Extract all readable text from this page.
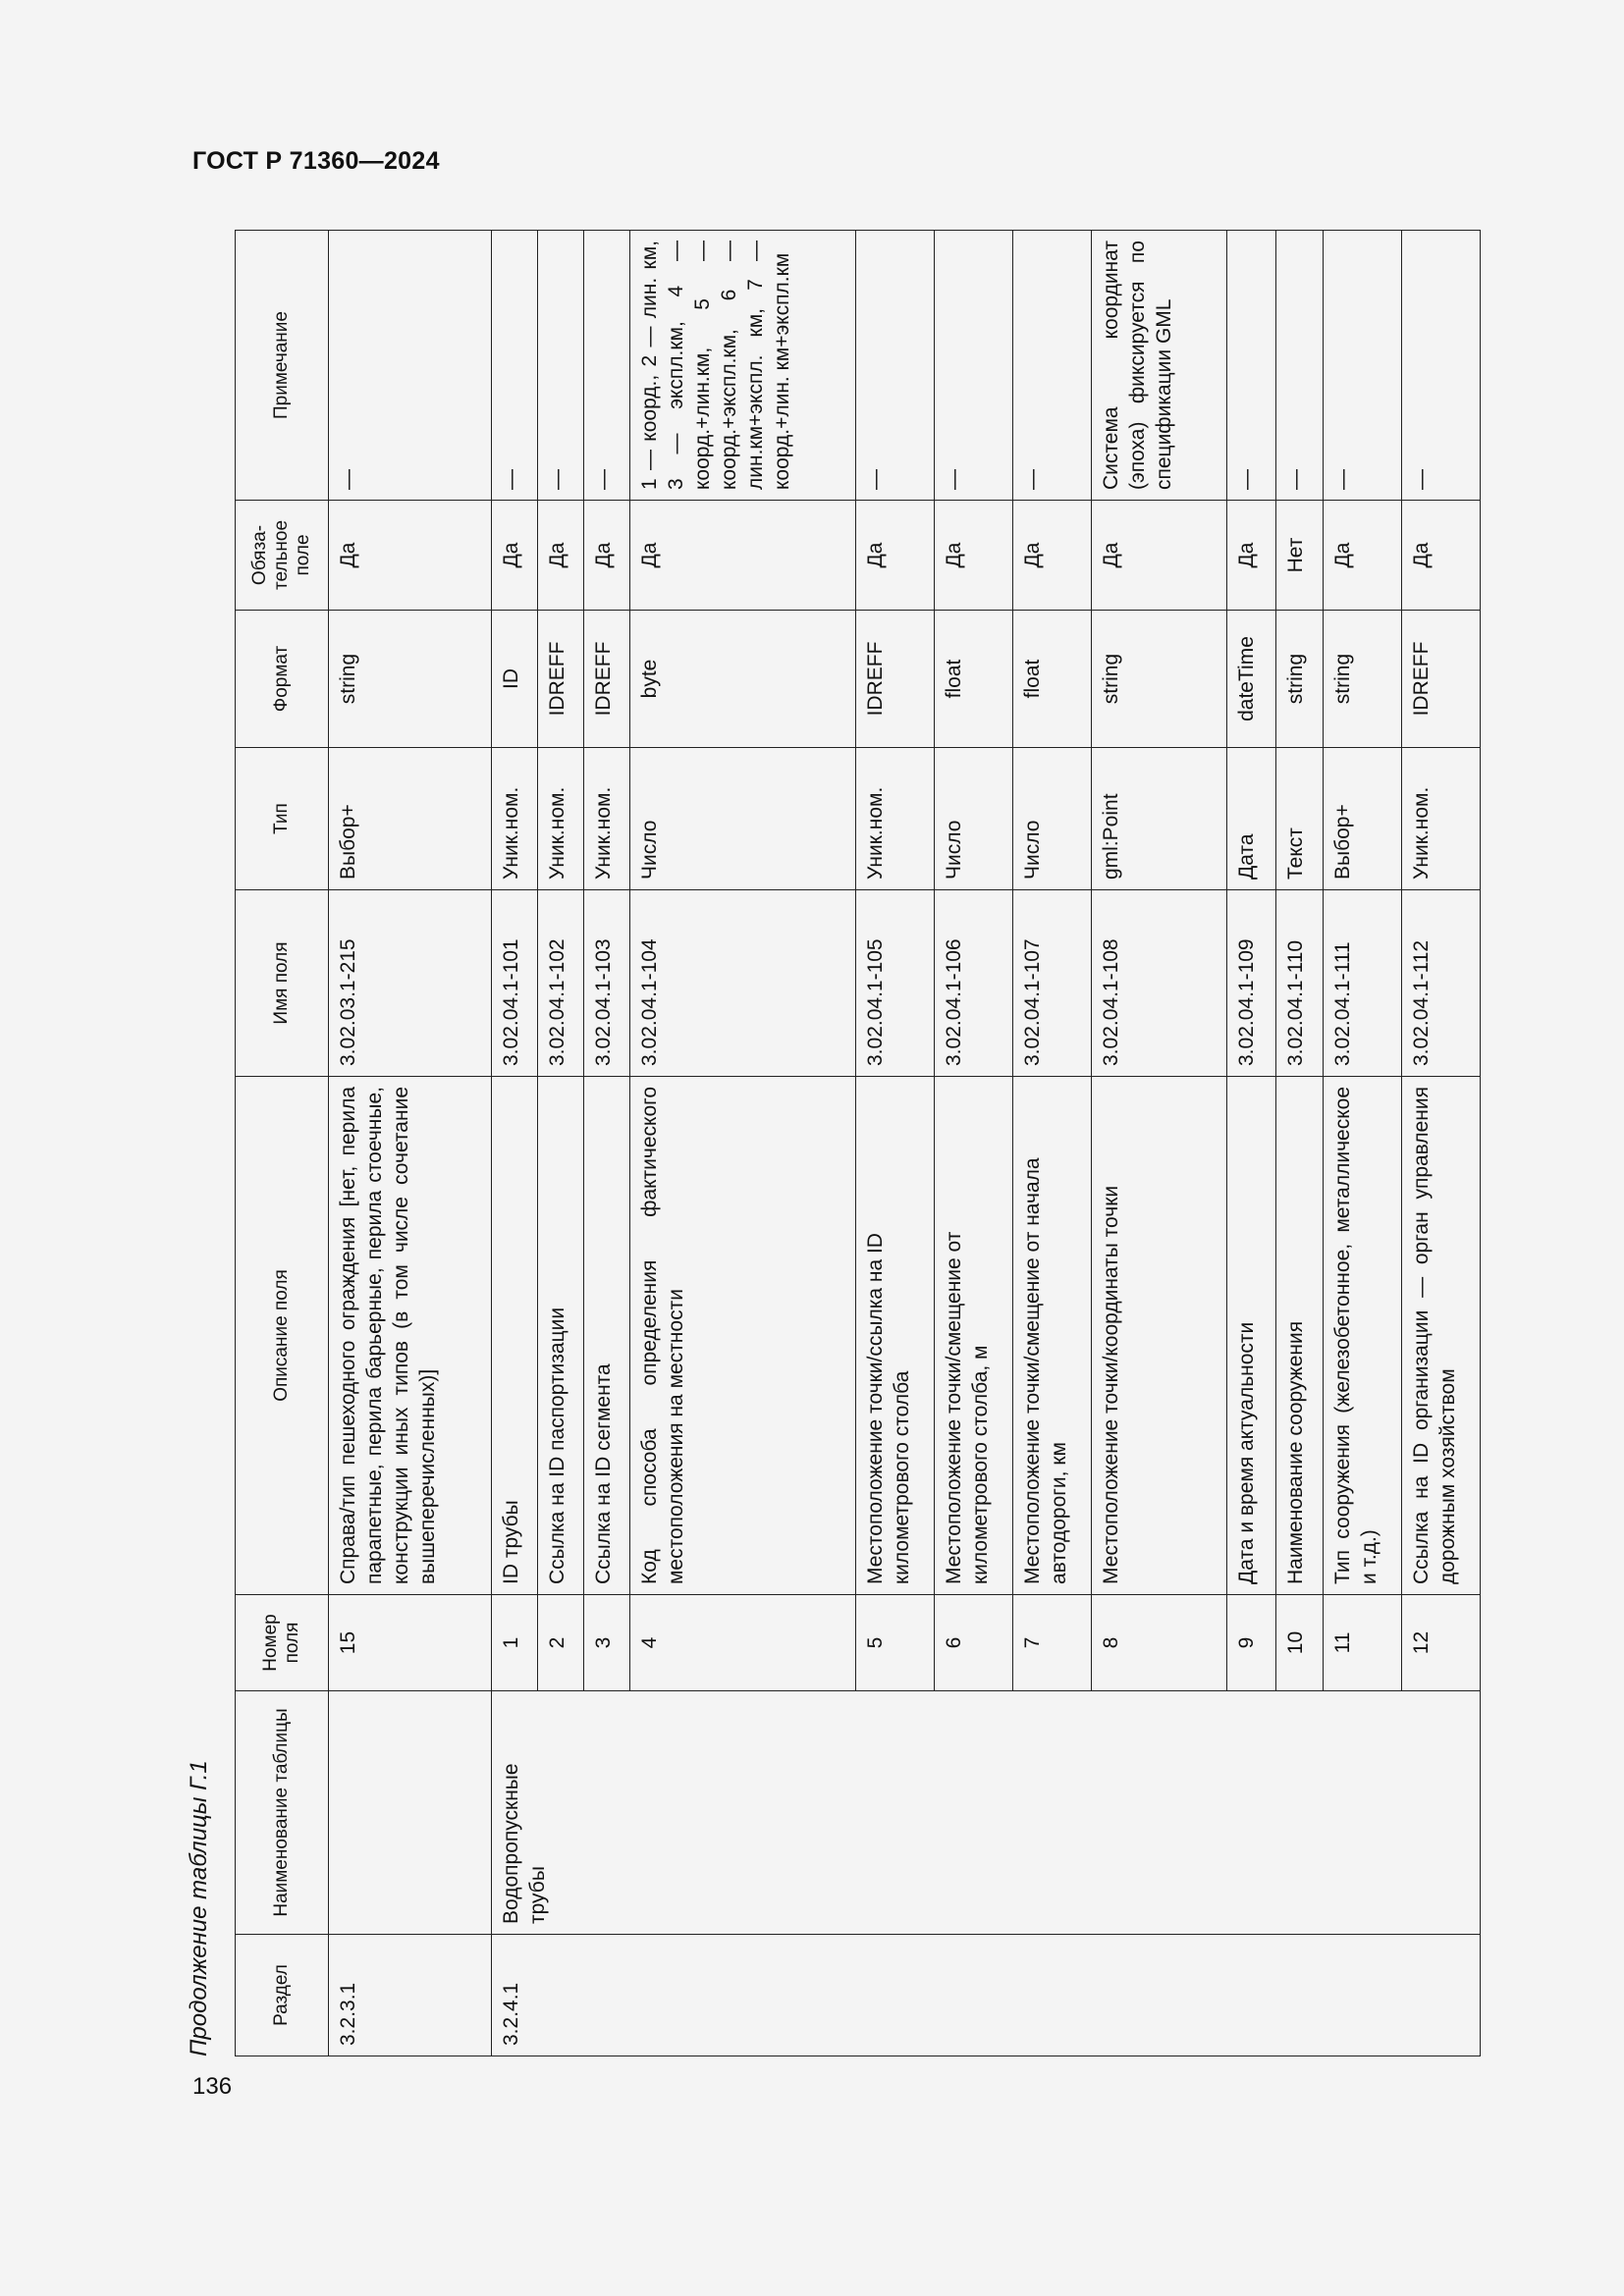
ГОСТ Р 71360—2024
136
Продолжение таблицы Г.1	Раздел	Наименование таблицы	Номер поля	Описание поля	Имя поля	Тип	Формат	Обяза-тельное поле	Примечание
3.2.3.1		15	Справа/тип пешеходного ограждения [нет, перила парапетные, перила барьерные, перила стоечные, конструкции иных типов (в том числе сочетание вышеперечисленных)]	3.02.03.1-215	Выбор+	string	Да	—
3.2.4.1	Водопропускные трубы	1	ID трубы	3.02.04.1-101	Уник.ном.	ID	Да	—
		2	Ссылка на ID паспортизации	3.02.04.1-102	Уник.ном.	IDREFF	Да	—
		3	Ссылка на ID сегмента	3.02.04.1-103	Уник.ном.	IDREFF	Да	—
		4	Код способа определения фактического местоположения на местности	3.02.04.1-104	Число	byte	Да	1 — коорд., 2 — лин. км, 3 — экспл.км, 4 — коорд.+лин.км, 5 — коорд.+экспл.км, 6 — лин.км+экспл. км, 7 — коорд.+лин. км+экспл.км
		5	Местоположение точки/ссылка на ID километрового столба	3.02.04.1-105	Уник.ном.	IDREFF	Да	—
		6	Местоположение точки/смещение от километрового столба, м	3.02.04.1-106	Число	float	Да	—
		7	Местоположение точки/смещение от начала автодороги, км	3.02.04.1-107	Число	float	Да	—
		8	Местоположение точки/координаты точки	3.02.04.1-108	gml:Point	string	Да	Система координат (эпоха) фиксируется по спецификации GML
		9	Дата и время актуальности	3.02.04.1-109	Дата	dateTime	Да	—
		10	Наименование сооружения	3.02.04.1-110	Текст	string	Нет	—
		11	Тип сооружения (железобетонное, металлическое и т.д.)	3.02.04.1-111	Выбор+	string	Да	—
		12	Ссылка на ID организации — орган управления дорожным хозяйством	3.02.04.1-112	Уник.ном.	IDREFF	Да	—
